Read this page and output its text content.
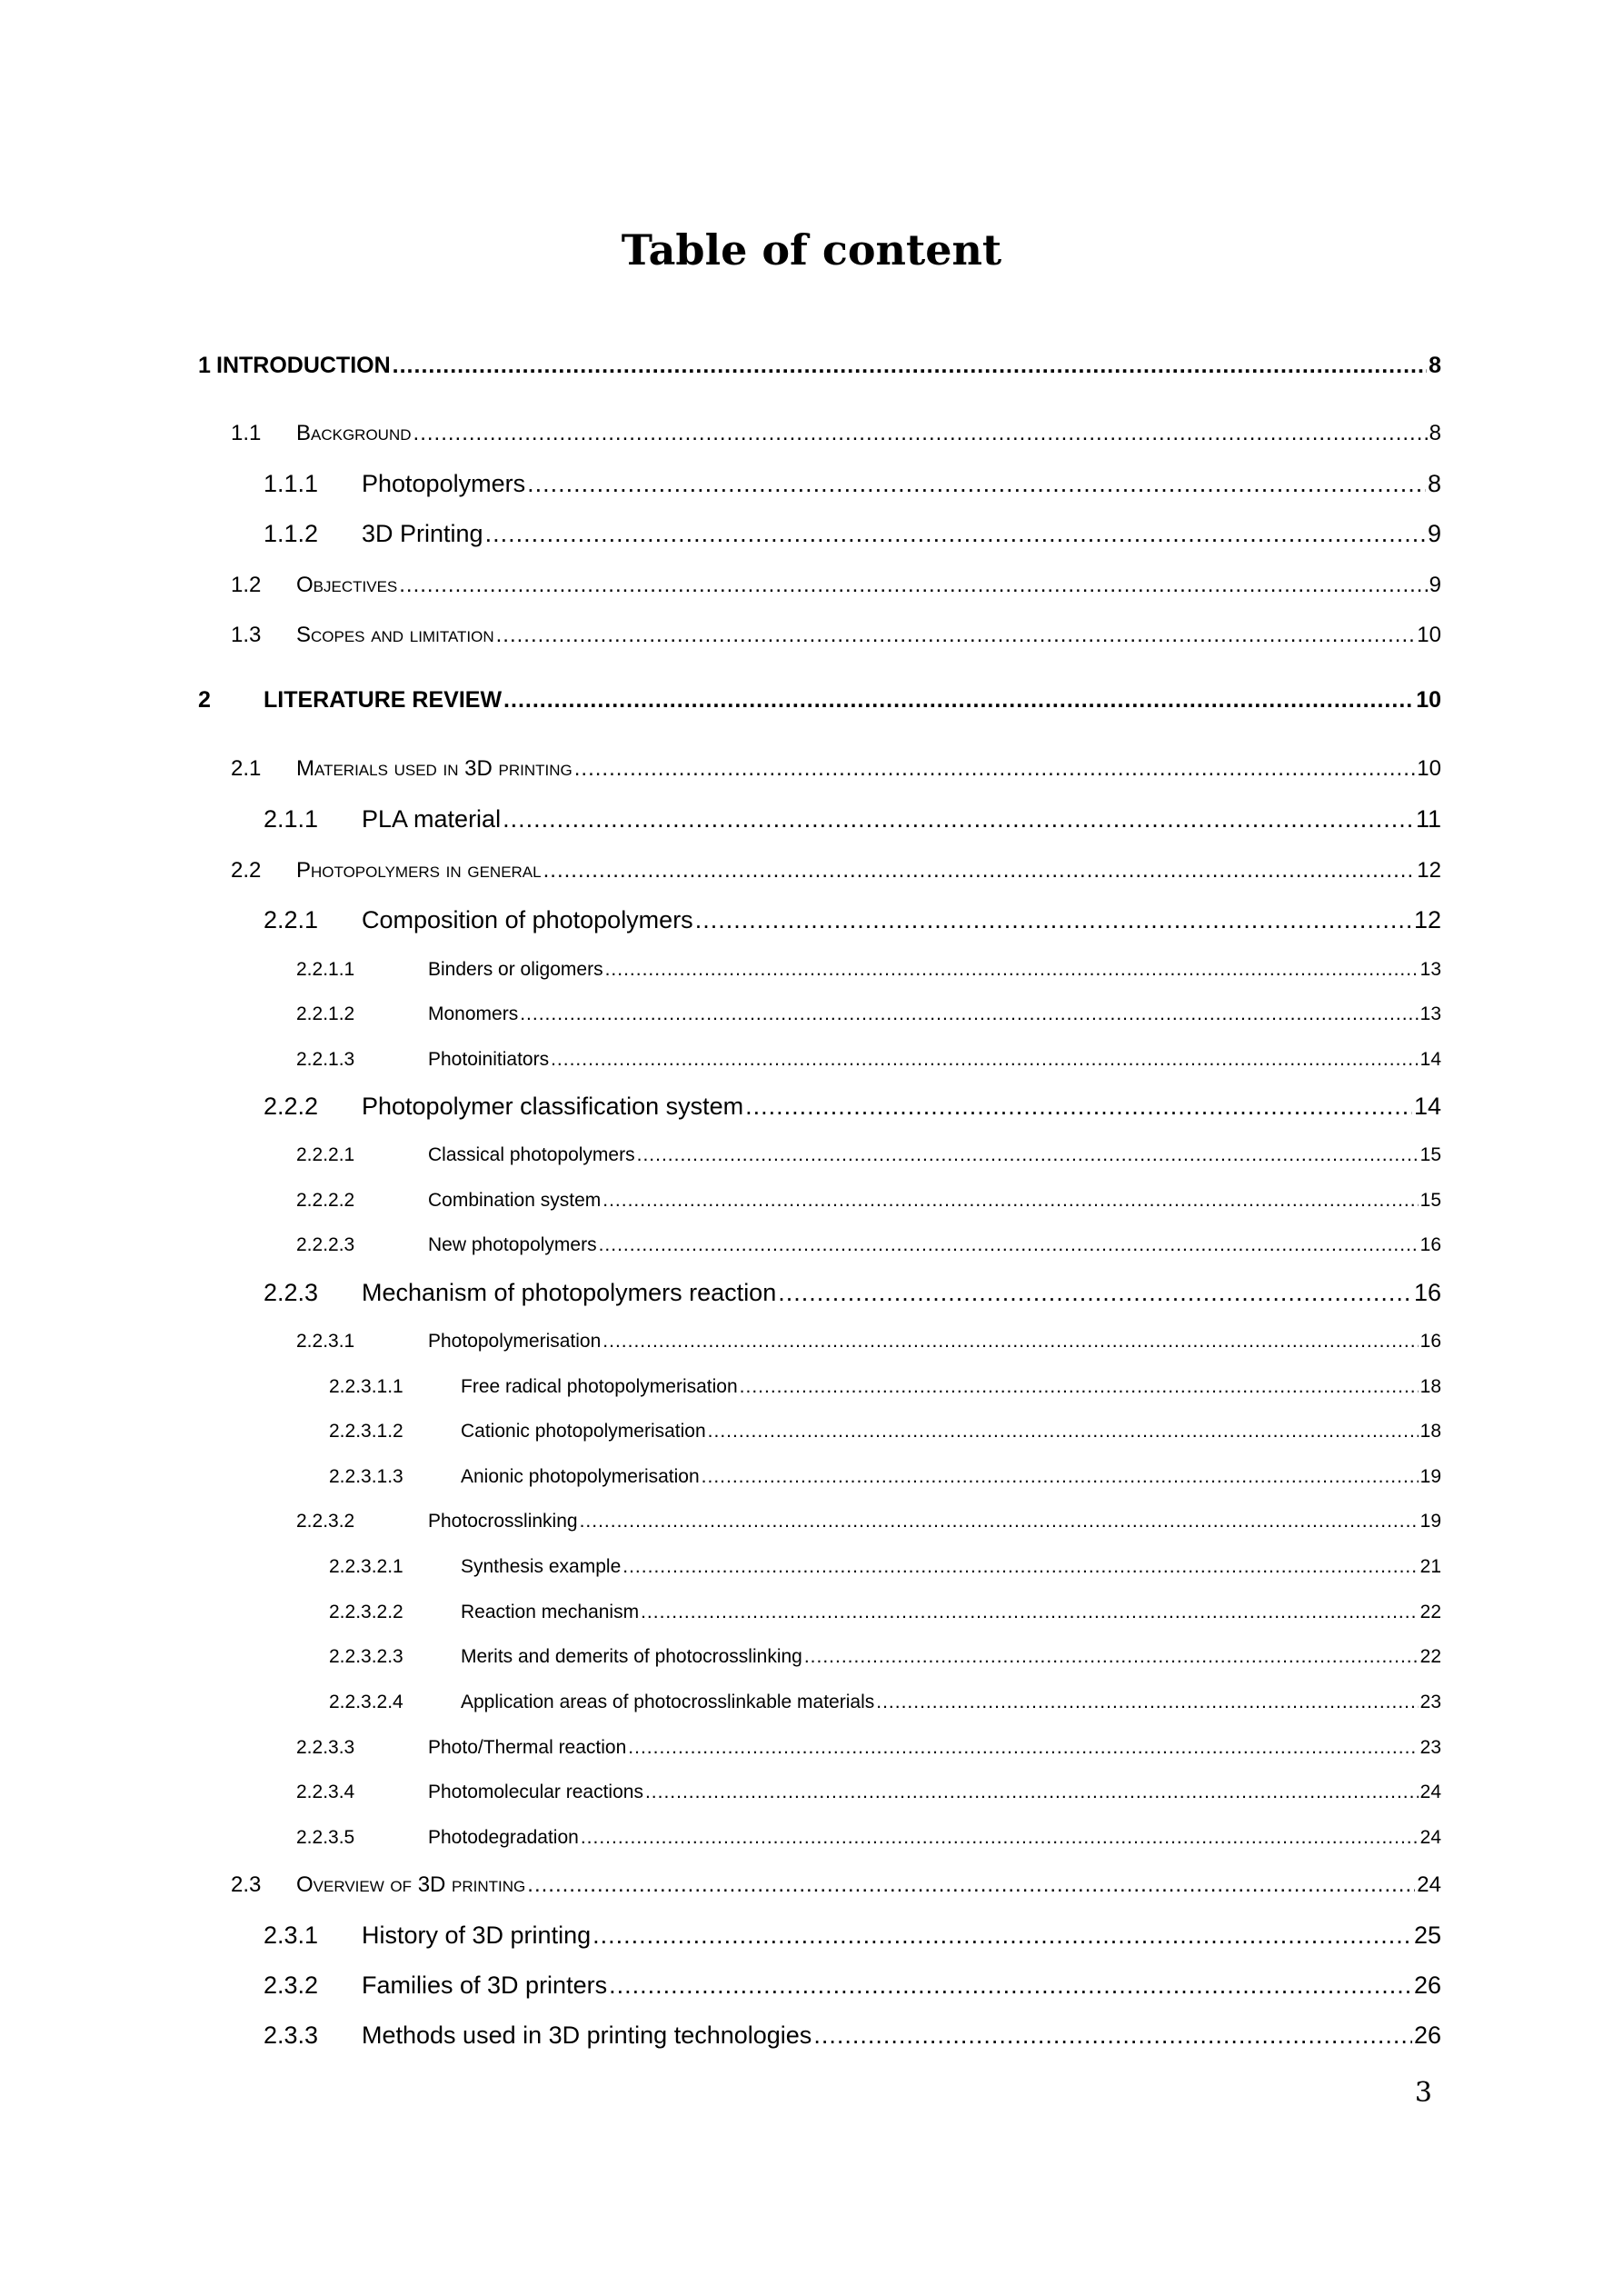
Table of content
1 INTRODUCTION .....	8
1.1	Background .....	8
1.1.1	Photopolymers .....	8
1.1.2	3D Printing .....	9
1.2	Objectives .....	9
1.3	Scopes and limitation .....	10
2	LITERATURE REVIEW .....	10
2.1	Materials used in 3D printing .....	10
2.1.1	PLA material .....	11
2.2	Photopolymers in general .....	12
2.2.1	Composition of photopolymers .....	12
2.2.1.1	Binders or oligomers .....	13
2.2.1.2	Monomers .....	13
2.2.1.3	Photoinitiators .....	14
2.2.2	Photopolymer classification system .....	14
2.2.2.1	Classical photopolymers .....	15
2.2.2.2	Combination system .....	15
2.2.2.3	New photopolymers .....	16
2.2.3	Mechanism of photopolymers reaction .....	16
2.2.3.1	Photopolymerisation .....	16
2.2.3.1.1	Free radical photopolymerisation .....	18
2.2.3.1.2	Cationic photopolymerisation .....	18
2.2.3.1.3	Anionic photopolymerisation .....	19
2.2.3.2	Photocrosslinking .....	19
2.2.3.2.1	Synthesis example .....	21
2.2.3.2.2	Reaction mechanism .....	22
2.2.3.2.3	Merits and demerits of photocrosslinking .....	22
2.2.3.2.4	Application areas of photocrosslinkable materials .....	23
2.2.3.3	Photo/Thermal reaction .....	23
2.2.3.4	Photomolecular reactions .....	24
2.2.3.5	Photodegradation .....	24
2.3	Overview of 3D printing .....	24
2.3.1	History of 3D printing .....	25
2.3.2	Families of 3D printers .....	26
2.3.3	Methods used in 3D printing technologies .....	26
3
